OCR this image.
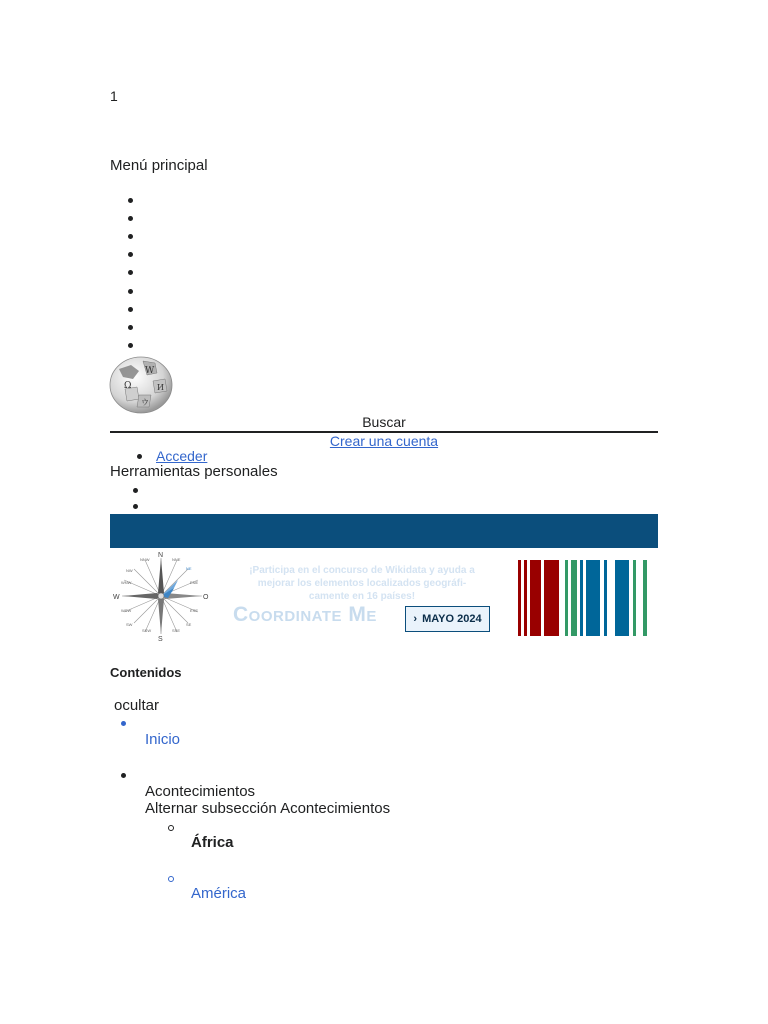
1
Menú principal
W
Ω	И
ウ
Buscar
Crear una cuenta
Acceder
Herramientas personales
N
S
W	O
NNE
NNW
NE
NW
ENE
WNW
ESE
WSW
SE
SW
SSE
SSW
¡Participa en el concurso de Wikidata y ayuda a
mejorar los elementos localizados geográfi-
camente en 16 países!
Coordinate Me	› MAYO 2024
Contenidos
ocultar
Inicio
Acontecimientos
Alternar subsección Acontecimientos
África
América
